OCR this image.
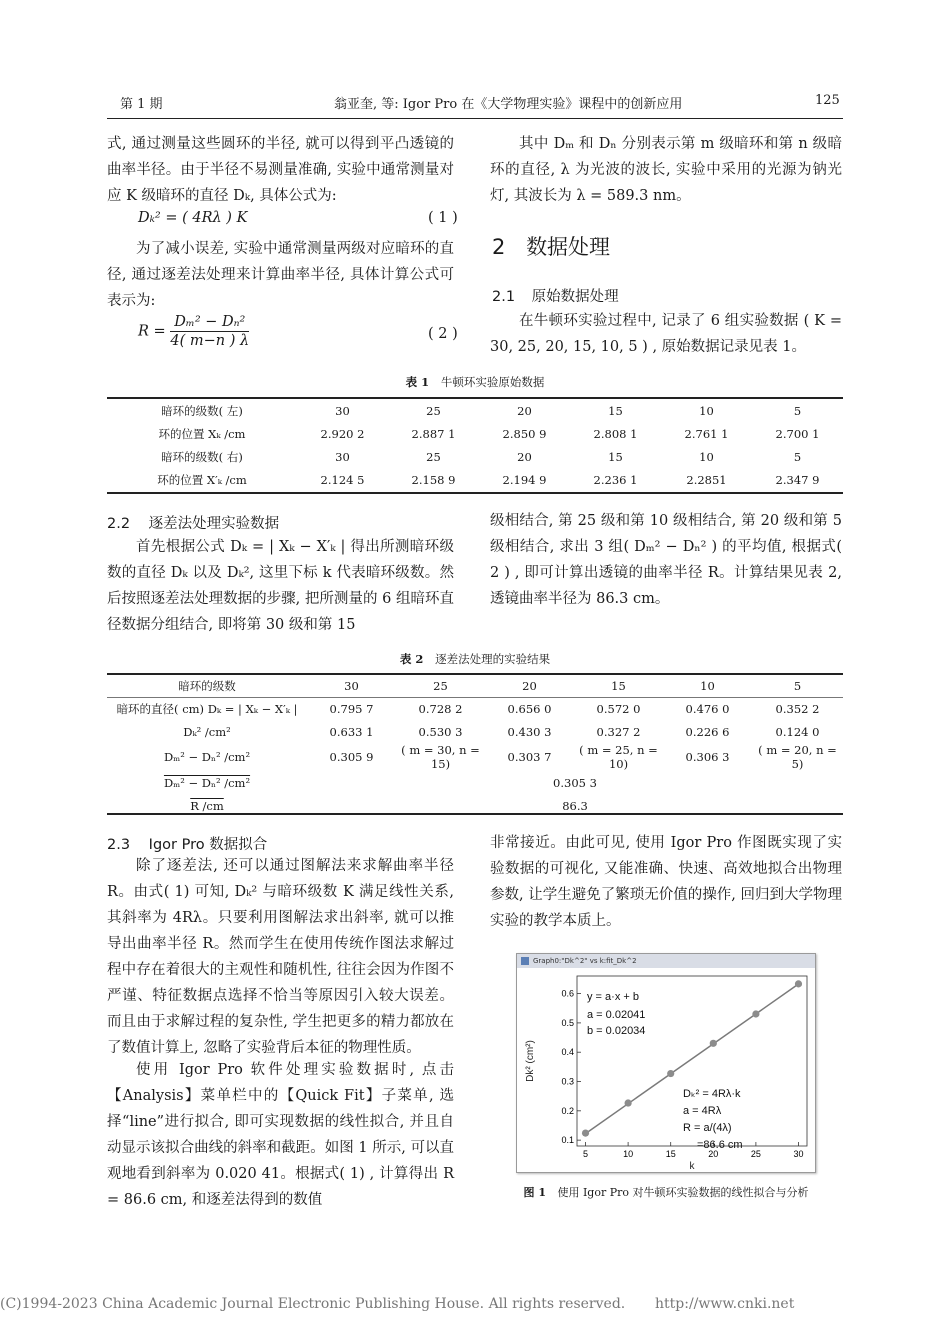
第 1 期	翁亚奎, 等: Igor Pro 在《大学物理实验》课程中的创新应用	125

式, 通过测量这些圆环的半径, 就可以得到平凸透镜的曲率半径。由于半径不易测量准确, 实验中通常测量对应 K 级暗环的直径 Dₖ, 具体公式为:

Dₖ² = ( 4Rλ ) K	( 1 )

为了减小误差, 实验中通常测量两级对应暗环的直径, 通过逐差法处理来计算曲率半径, 具体计算公式可表示为:

$R = \frac{\text{Dₘ² − Dₙ²}}{4( m-n ) \lambda}$	( 2 )

其中 Dₘ 和 Dₙ 分别表示第 m 级暗环和第 n 级暗环的直径, λ 为光波的波长, 实验中采用的光源为钠光灯, 其波长为 λ = 589.3 nm。

2 数据处理
2.1 原始数据处理

在牛顿环实验过程中, 记录了 6 组实验数据 ( K = 30, 25, 20, 15, 10, 5 ) , 原始数据记录见表 1。

表 1 牛顿环实验原始数据
暗环的级数( 左)	30	25	20	15	10	5
环的位置 Xₖ /cm	2.920 2	2.887 1	2.850 9	2.808 1	2.761 1	2.700 1
暗环的级数( 右)	30	25	20	15	10	5
环的位置 X′ₖ /cm	2.124 5	2.158 9	2.194 9	2.236 1	2.2851	2.347 9
2.2 逐差法处理实验数据

首先根据公式 Dₖ = | Xₖ − X′ₖ | 得出所测暗环级数的直径 Dₖ 以及 Dₖ², 这里下标 k 代表暗环级数。然后按照逐差法处理数据的步骤, 把所测量的 6 组暗环直径数据分组结合, 即将第 30 级和第 15

级相结合, 第 25 级和第 10 级相结合, 第 20 级和第 5 级相结合, 求出 3 组( Dₘ² − Dₙ² ) 的平均值, 根据式( 2 ) , 即可计算出透镜的曲率半径 R。计算结果见表 2, 透镜曲率半径为 86.3 cm。

表 2 逐差法处理的实验结果
暗环的级数	30	25	20	15	10	5
暗环的直径( cm) Dₖ = | Xₖ − X′ₖ |	0.795 7	0.728 2	0.656 0	0.572 0	0.476 0	0.352 2
Dₖ² /cm²	0.633 1	0.530 3	0.430 3	0.327 2	0.226 6	0.124 0
Dₘ² − Dₙ² /cm²	0.305 9	( m = 30, n = 15)	0.303 7	( m = 25, n = 10)	0.306 3	( m = 20, n = 5)
Dₘ² − Dₙ² /cm²	0.305 3					
R /cm	86.3					
2.3 Igor Pro 数据拟合

除了逐差法, 还可以通过图解法来求解曲率半径 R。由式( 1) 可知, Dₖ² 与暗环级数 K 满足线性关系, 其斜率为 4Rλ。只要利用图解法求出斜率, 就可以推导出曲率半径 R。然而学生在使用传统作图法求解过程中存在着很大的主观性和随机性, 往往会因为作图不严谨、特征数据点选择不恰当等原因引入较大误差。而且由于求解过程的复杂性, 学生把更多的精力都放在了数值计算上, 忽略了实验背后本征的物理性质。

使用 Igor Pro 软件处理实验数据时, 点击【Analysis】菜单栏中的【Quick Fit】子菜单, 选择“line”进行拟合, 即可实现数据的线性拟合, 并且自动显示该拟合曲线的斜率和截距。如图 1 所示, 可以直观地看到斜率为 0.020 41。根据式( 1) , 计算得出 R = 86.6 cm, 和逐差法得到的数值

非常接近。由此可见, 使用 Igor Pro 作图既实现了实验数据的可视化, 又能准确、快速、高效地拟合出物理参数, 让学生避免了繁琐无价值的操作, 回归到大学物理实验的教学本质上。

Graph0:"Dk^2" vs k:fit_Dk^2
5	10	15	20	25	30
0.1
0.2
0.3
0.4
0.5
0.6
Dk² (cm²)
k
y = a·x + b
a = 0.02041
b = 0.02034
Dₖ² = 4Rλ·k
a = 4Rλ
R = a/(4λ)
=86.6 cm
图 1 使用 Igor Pro 对牛顿环实验数据的线性拟合与分析
(C)1994-2023 China Academic Journal Electronic Publishing House. All rights reserved. http://www.cnki.net
